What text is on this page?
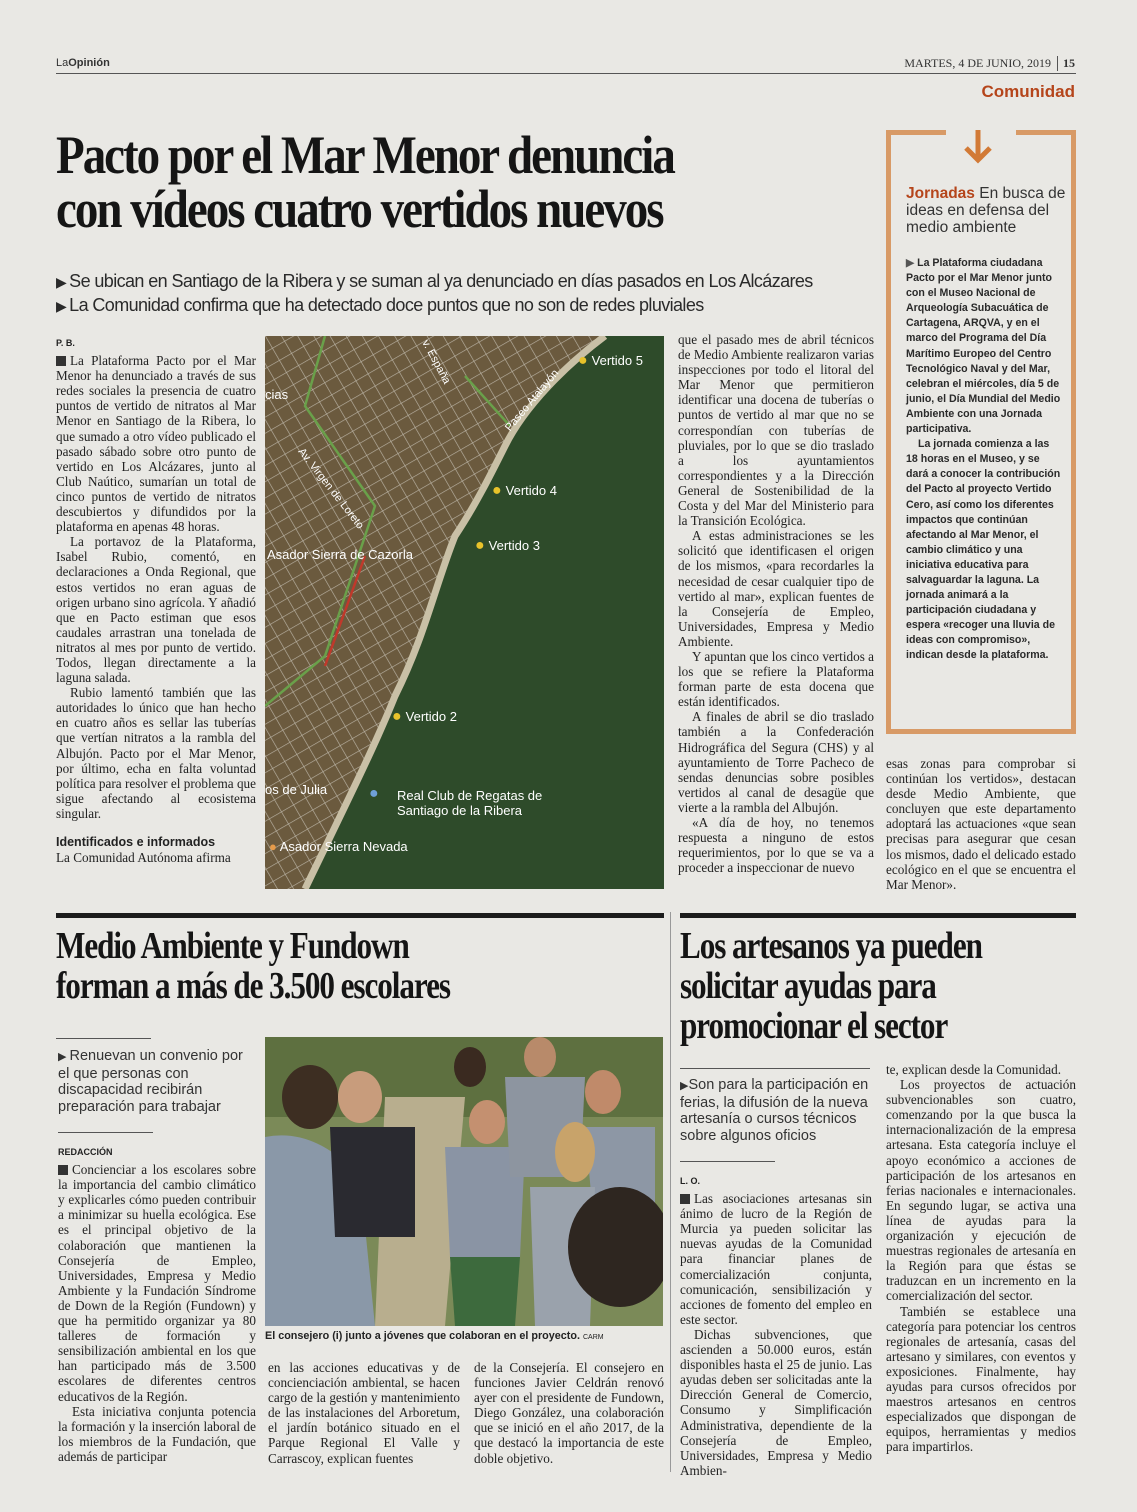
LaOpinión	MARTES, 4 DE JUNIO, 2019	15
Comunidad
Pacto por el Mar Menor denuncia
con vídeos cuatro vertidos nuevos
▶ Se ubican en Santiago de la Ribera y se suman al ya denunciado en días pasados en Los Alcázares
▶ La Comunidad confirma que ha detectado doce puntos que no son de redes pluviales
P. B.

La Plataforma Pacto por el Mar Menor ha denunciado a través de sus redes sociales la presencia de cuatro puntos de vertido de nitratos al Mar Menor en Santiago de la Ribera, lo que sumado a otro vídeo publicado el pasado sábado sobre otro punto de vertido en Los Alcázares, junto al Club Naútico, sumarían un total de cinco puntos de vertido de nitratos descubiertos y difundidos por la plataforma en apenas 48 horas.

La portavoz de la Plataforma, Isabel Rubio, comentó, en declaraciones a Onda Regional, que estos vertidos no eran aguas de origen urbano sino agrícola. Y añadió que en Pacto estiman que esos caudales arrastran una tonelada de nitratos al mes por punto de vertido. Todos, llegan directamente a la laguna salada.

Rubio lamentó también que las autoridades lo único que han hecho en cuatro años es sellar las tuberías que vertían nitratos a la rambla del Albujón. Pacto por el Mar Menor, por último, echa en falta voluntad política para resolver el problema que sigue afectando al ecosistema singular.

Identificados e informados

La Comunidad Autónoma afirma

● Vertido 5
● Vertido 4
● Vertido 3
● Vertido 2
● Real Club de Regatas de
Santiago de la Ribera
Asador Sierra de Cazorla
os de Julia
● Asador Sierra Nevada
cias
Av. Virgen de Loreto
Paseo Atalayón
v. España	que el pasado mes de abril técnicos de Medio Ambiente realizaron varias inspecciones por todo el litoral del Mar Menor que permitieron identificar una docena de tuberías o puntos de vertido al mar que no se correspondían con tuberías de pluviales, por lo que se dio traslado a los ayuntamientos correspondientes y a la Dirección General de Sostenibilidad de la Costa y del Mar del Ministerio para la Transición Ecológica.

A estas administraciones se les solicitó que identificasen el origen de los mismos, «para recordarles la necesidad de cesar cualquier tipo de vertido al mar», explican fuentes de la Consejería de Empleo, Universidades, Empresa y Medio Ambiente.

Y apuntan que los cinco vertidos a los que se refiere la Plataforma forman parte de esta docena que están identificados.

A finales de abril se dio traslado también a la Confederación Hidrográfica del Segura (CHS) y al ayuntamiento de Torre Pacheco de sendas denuncias sobre posibles vertidos al canal de desagüe que vierte a la rambla del Albujón.

«A día de hoy, no tenemos respuesta a ninguno de estos requerimientos, por lo que se va a proceder a inspeccionar de nuevo

esas zonas para comprobar si continúan los vertidos», destacan desde Medio Ambiente, que concluyen que este departamento adoptará las actuaciones «que sean precisas para asegurar que cesan los mismos, dado el delicado estado ecológico en el que se encuentra el Mar Menor».

Jornadas En busca de ideas en defensa del medio ambiente

▶ La Plataforma ciudadana Pacto por el Mar Menor junto con el Museo Nacional de Arqueología Subacuática de Cartagena, ARQVA, y en el marco del Programa del Día Marítimo Europeo del Centro Tecnológico Naval y del Mar, celebran el miércoles, día 5 de junio, el Día Mundial del Medio Ambiente con una Jornada participativa.

La jornada comienza a las 18 horas en el Museo, y se dará a conocer la contribución del Pacto al proyecto Vertido Cero, así como los diferentes impactos que continúan afectando al Mar Menor, el cambio climático y una iniciativa educativa para salvaguardar la laguna. La jornada animará a la participación ciudadana y espera «recoger una lluvia de ideas con compromiso», indican desde la plataforma.

Medio Ambiente y Fundown
forman a más de 3.500 escolares
▶ Renuevan un convenio por el que personas con discapacidad recibirán preparación para trabajar
REDACCIÓN

Concienciar a los escolares sobre la importancia del cambio climático y explicarles cómo pueden contribuir a minimizar su huella ecológica. Ese es el principal objetivo de la colaboración que mantienen la Consejería de Empleo, Universidades, Empresa y Medio Ambiente y la Fundación Síndrome de Down de la Región (Fundown) y que ha permitido organizar ya 80 talleres de formación y sensibilización ambiental en los que han participado más de 3.500 escolares de diferentes centros educativos de la Región.

Esta iniciativa conjunta potencia la formación y la inserción laboral de los miembros de la Fundación, que además de participar

El consejero (i) junto a jóvenes que colaboran en el proyecto. CARM

en las acciones educativas y de concienciación ambiental, se hacen cargo de la gestión y mantenimiento de las instalaciones del Arboretum, el jardín botánico situado en el Parque Regional El Valle y Carrascoy, explican fuentes

de la Consejería. El consejero en funciones Javier Celdrán renovó ayer con el presidente de Fundown, Diego González, una colaboración que se inició en el año 2017, de la que destacó la importancia de este doble objetivo.

Los artesanos ya pueden
solicitar ayudas para
promocionar el sector
▶Son para la participación en ferias, la difusión de la nueva artesanía o cursos técnicos sobre algunos oficios
L. O.

Las asociaciones artesanas sin ánimo de lucro de la Región de Murcia ya pueden solicitar las nuevas ayudas de la Comunidad para financiar planes de comercialización conjunta, comunicación, sensibilización y acciones de fomento del empleo en este sector.

Dichas subvenciones, que ascienden a 50.000 euros, están disponibles hasta el 25 de junio. Las ayudas deben ser solicitadas ante la Dirección General de Comercio, Consumo y Simplificación Administrativa, dependiente de la Consejería de Empleo, Universidades, Empresa y Medio Ambien-

te, explican desde la Comunidad.

Los proyectos de actuación subvencionables son cuatro, comenzando por la que busca la internacionalización de la empresa artesana. Esta categoría incluye el apoyo económico a acciones de participación de los artesanos en ferias nacionales e internacionales. En segundo lugar, se activa una línea de ayudas para la organización y ejecución de muestras regionales de artesanía en la Región para que éstas se traduzcan en un incremento en la comercialización del sector.

También se establece una categoría para potenciar los centros regionales de artesanía, casas del artesano y similares, con eventos y exposiciones. Finalmente, hay ayudas para cursos ofrecidos por maestros artesanos en centros especializados que dispongan de equipos, herramientas y medios para impartirlos.
